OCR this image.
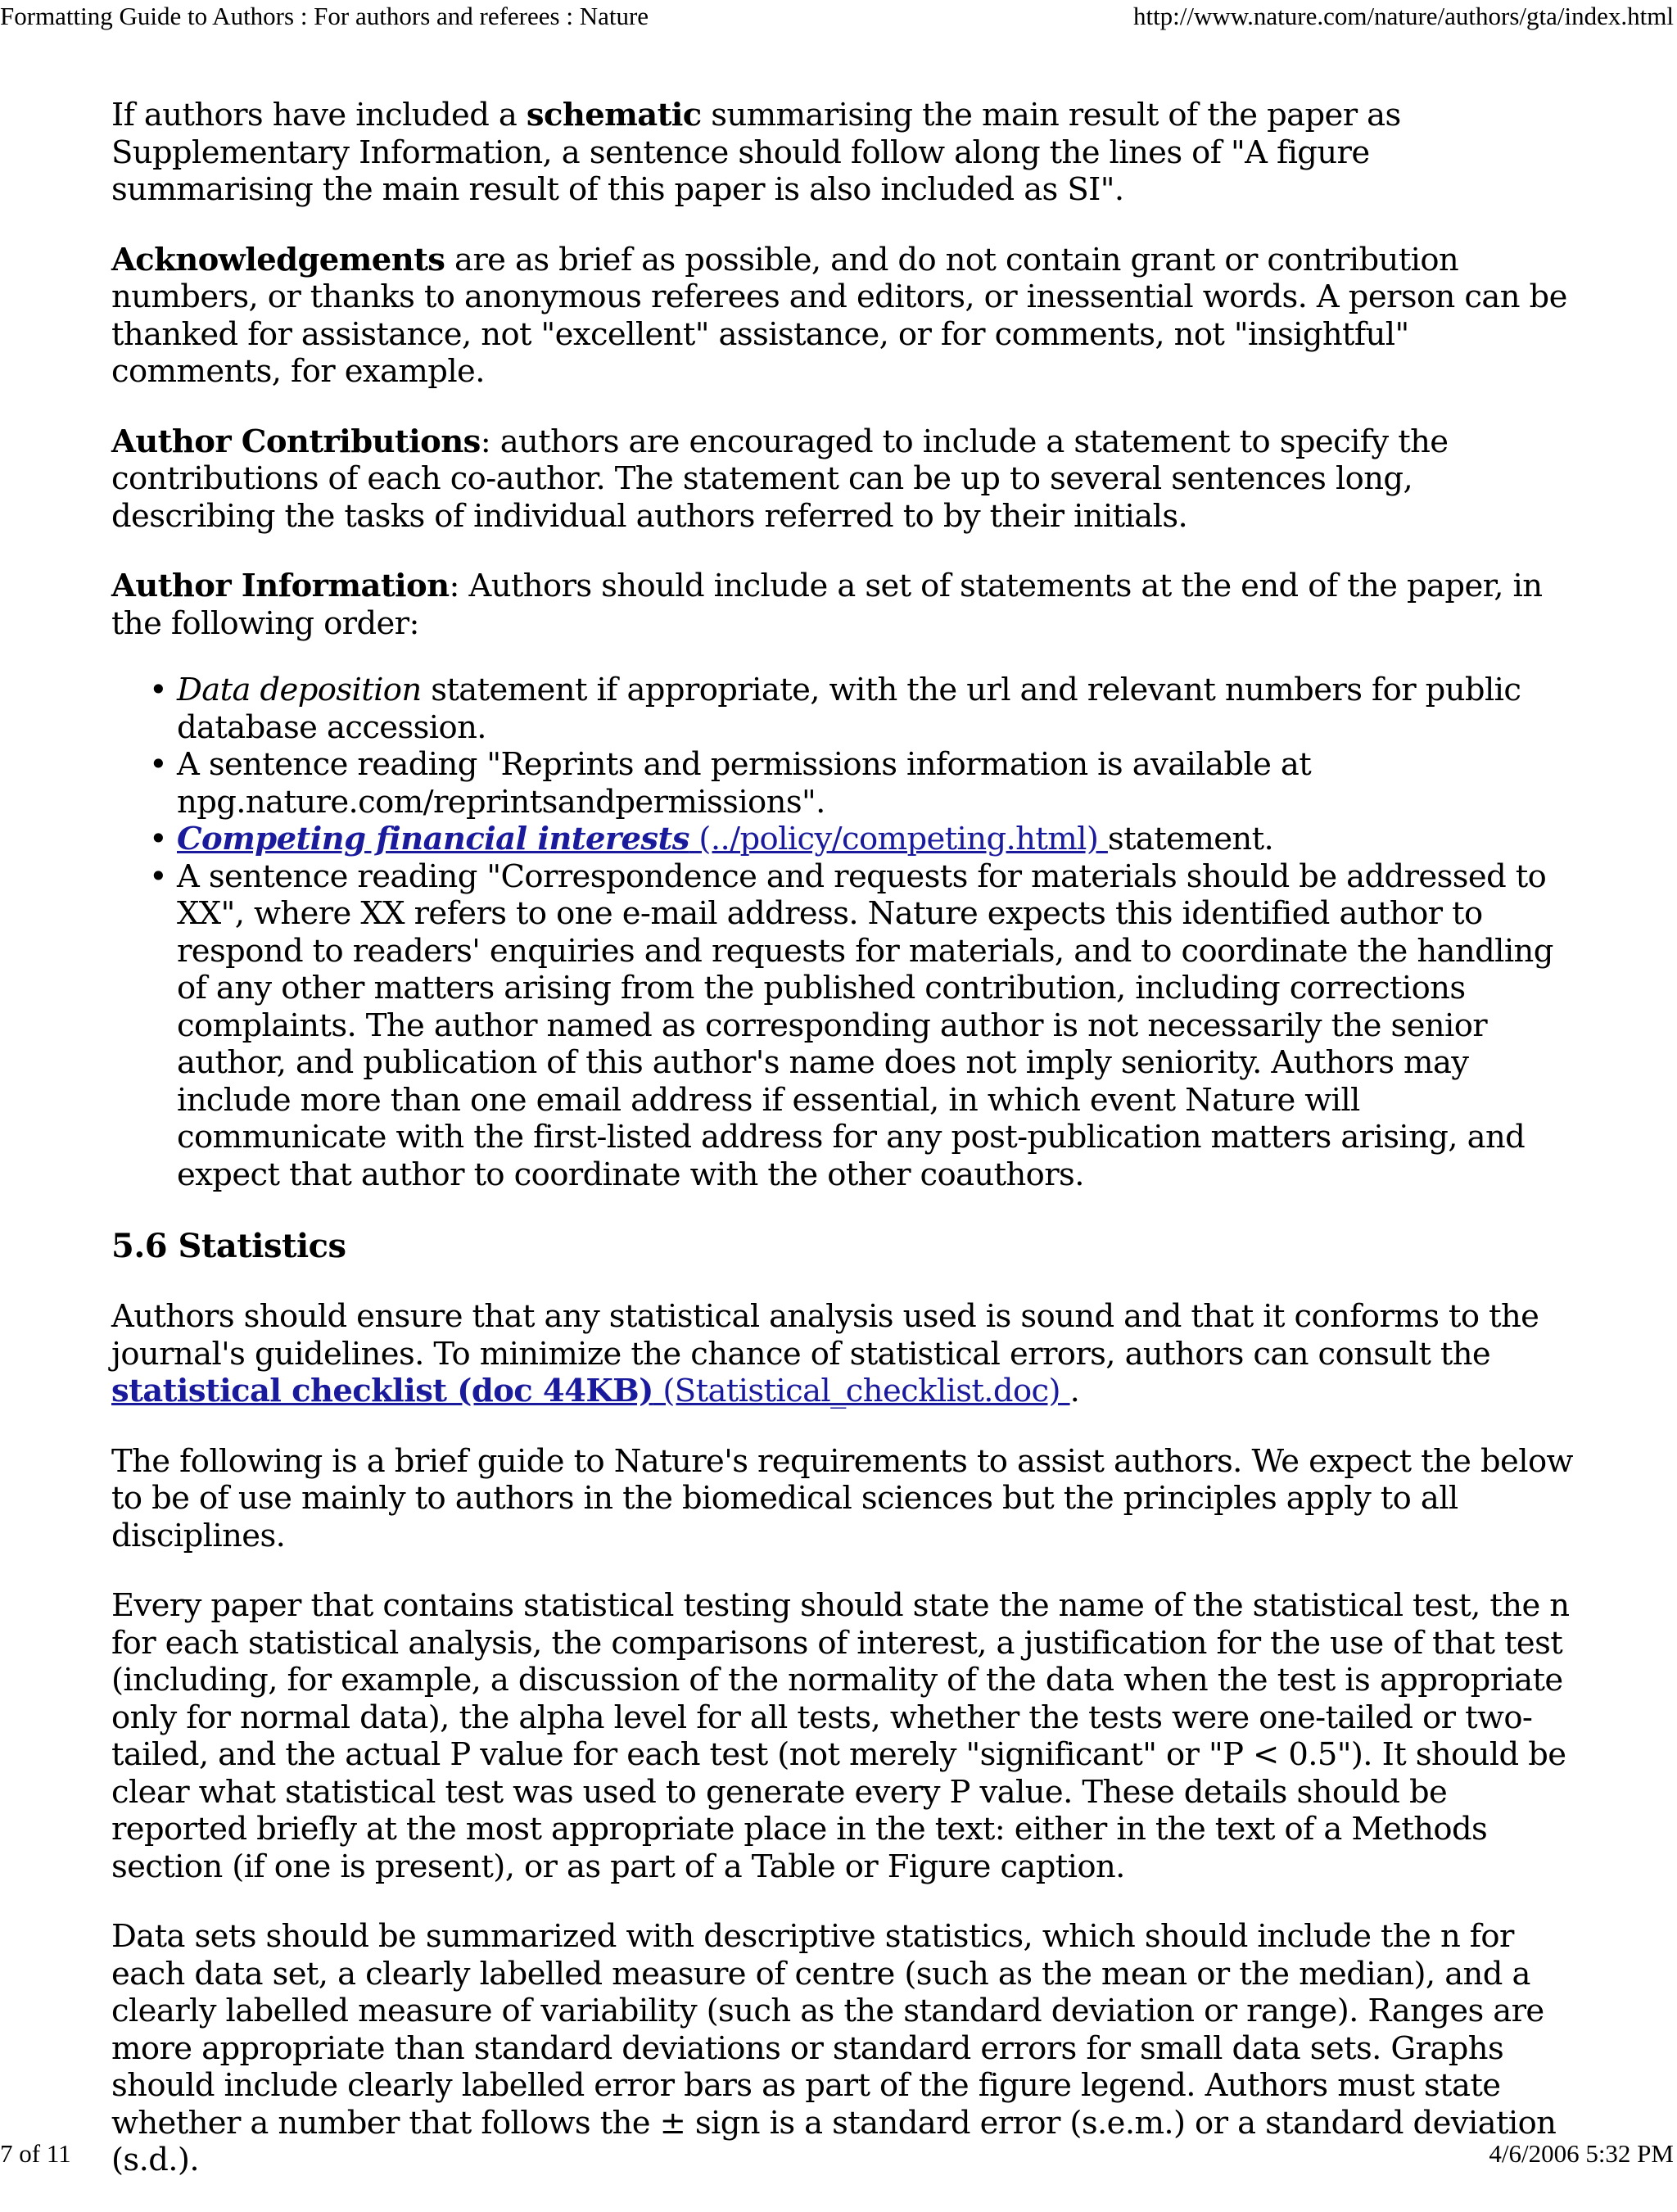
Formatting Guide to Authors : For authors and referees : Nature	http://www.nature.com/nature/authors/gta/index.html

If authors have included a schematic summarising the main result of the paper as Supplementary Information, a sentence should follow along the lines of "A figure summarising the main result of this paper is also included as SI".

Acknowledgements are as brief as possible, and do not contain grant or contribution numbers, or thanks to anonymous referees and editors, or inessential words. A person can be thanked for assistance, not "excellent" assistance, or for comments, not "insightful" comments, for example.

Author Contributions: authors are encouraged to include a statement to specify the contributions of each co-author. The statement can be up to several sentences long, describing the tasks of individual authors referred to by their initials.

Author Information: Authors should include a set of statements at the end of the paper, in the following order:

• Data deposition statement if appropriate, with the url and relevant numbers for public database accession.
• A sentence reading "Reprints and permissions information is available at npg.nature.com/reprintsandpermissions".
• Competing financial interests (../policy/competing.html) statement.
• A sentence reading "Correspondence and requests for materials should be addressed to XX", where XX refers to one e-mail address. Nature expects this identified author to respond to readers' enquiries and requests for materials, and to coordinate the handling of any other matters arising from the published contribution, including corrections complaints. The author named as corresponding author is not necessarily the senior author, and publication of this author's name does not imply seniority. Authors may include more than one email address if essential, in which event Nature will communicate with the first-listed address for any post-publication matters arising, and expect that author to coordinate with the other coauthors.
5.6 Statistics

Authors should ensure that any statistical analysis used is sound and that it conforms to the journal's guidelines. To minimize the chance of statistical errors, authors can consult the statistical checklist (doc 44KB) (Statistical_checklist.doc) .

The following is a brief guide to Nature's requirements to assist authors. We expect the below to be of use mainly to authors in the biomedical sciences but the principles apply to all disciplines.

Every paper that contains statistical testing should state the name of the statistical test, the n for each statistical analysis, the comparisons of interest, a justification for the use of that test (including, for example, a discussion of the normality of the data when the test is appropriate only for normal data), the alpha level for all tests, whether the tests were one-tailed or two-tailed, and the actual P value for each test (not merely "significant" or "P < 0.5"). It should be clear what statistical test was used to generate every P value. These details should be reported briefly at the most appropriate place in the text: either in the text of a Methods section (if one is present), or as part of a Table or Figure caption.

Data sets should be summarized with descriptive statistics, which should include the n for each data set, a clearly labelled measure of centre (such as the mean or the median), and a clearly labelled measure of variability (such as the standard deviation or range). Ranges are more appropriate than standard deviations or standard errors for small data sets. Graphs should include clearly labelled error bars as part of the figure legend. Authors must state whether a number that follows the ± sign is a standard error (s.e.m.) or a standard deviation (s.d.).

7 of 11	4/6/2006 5:32 PM
